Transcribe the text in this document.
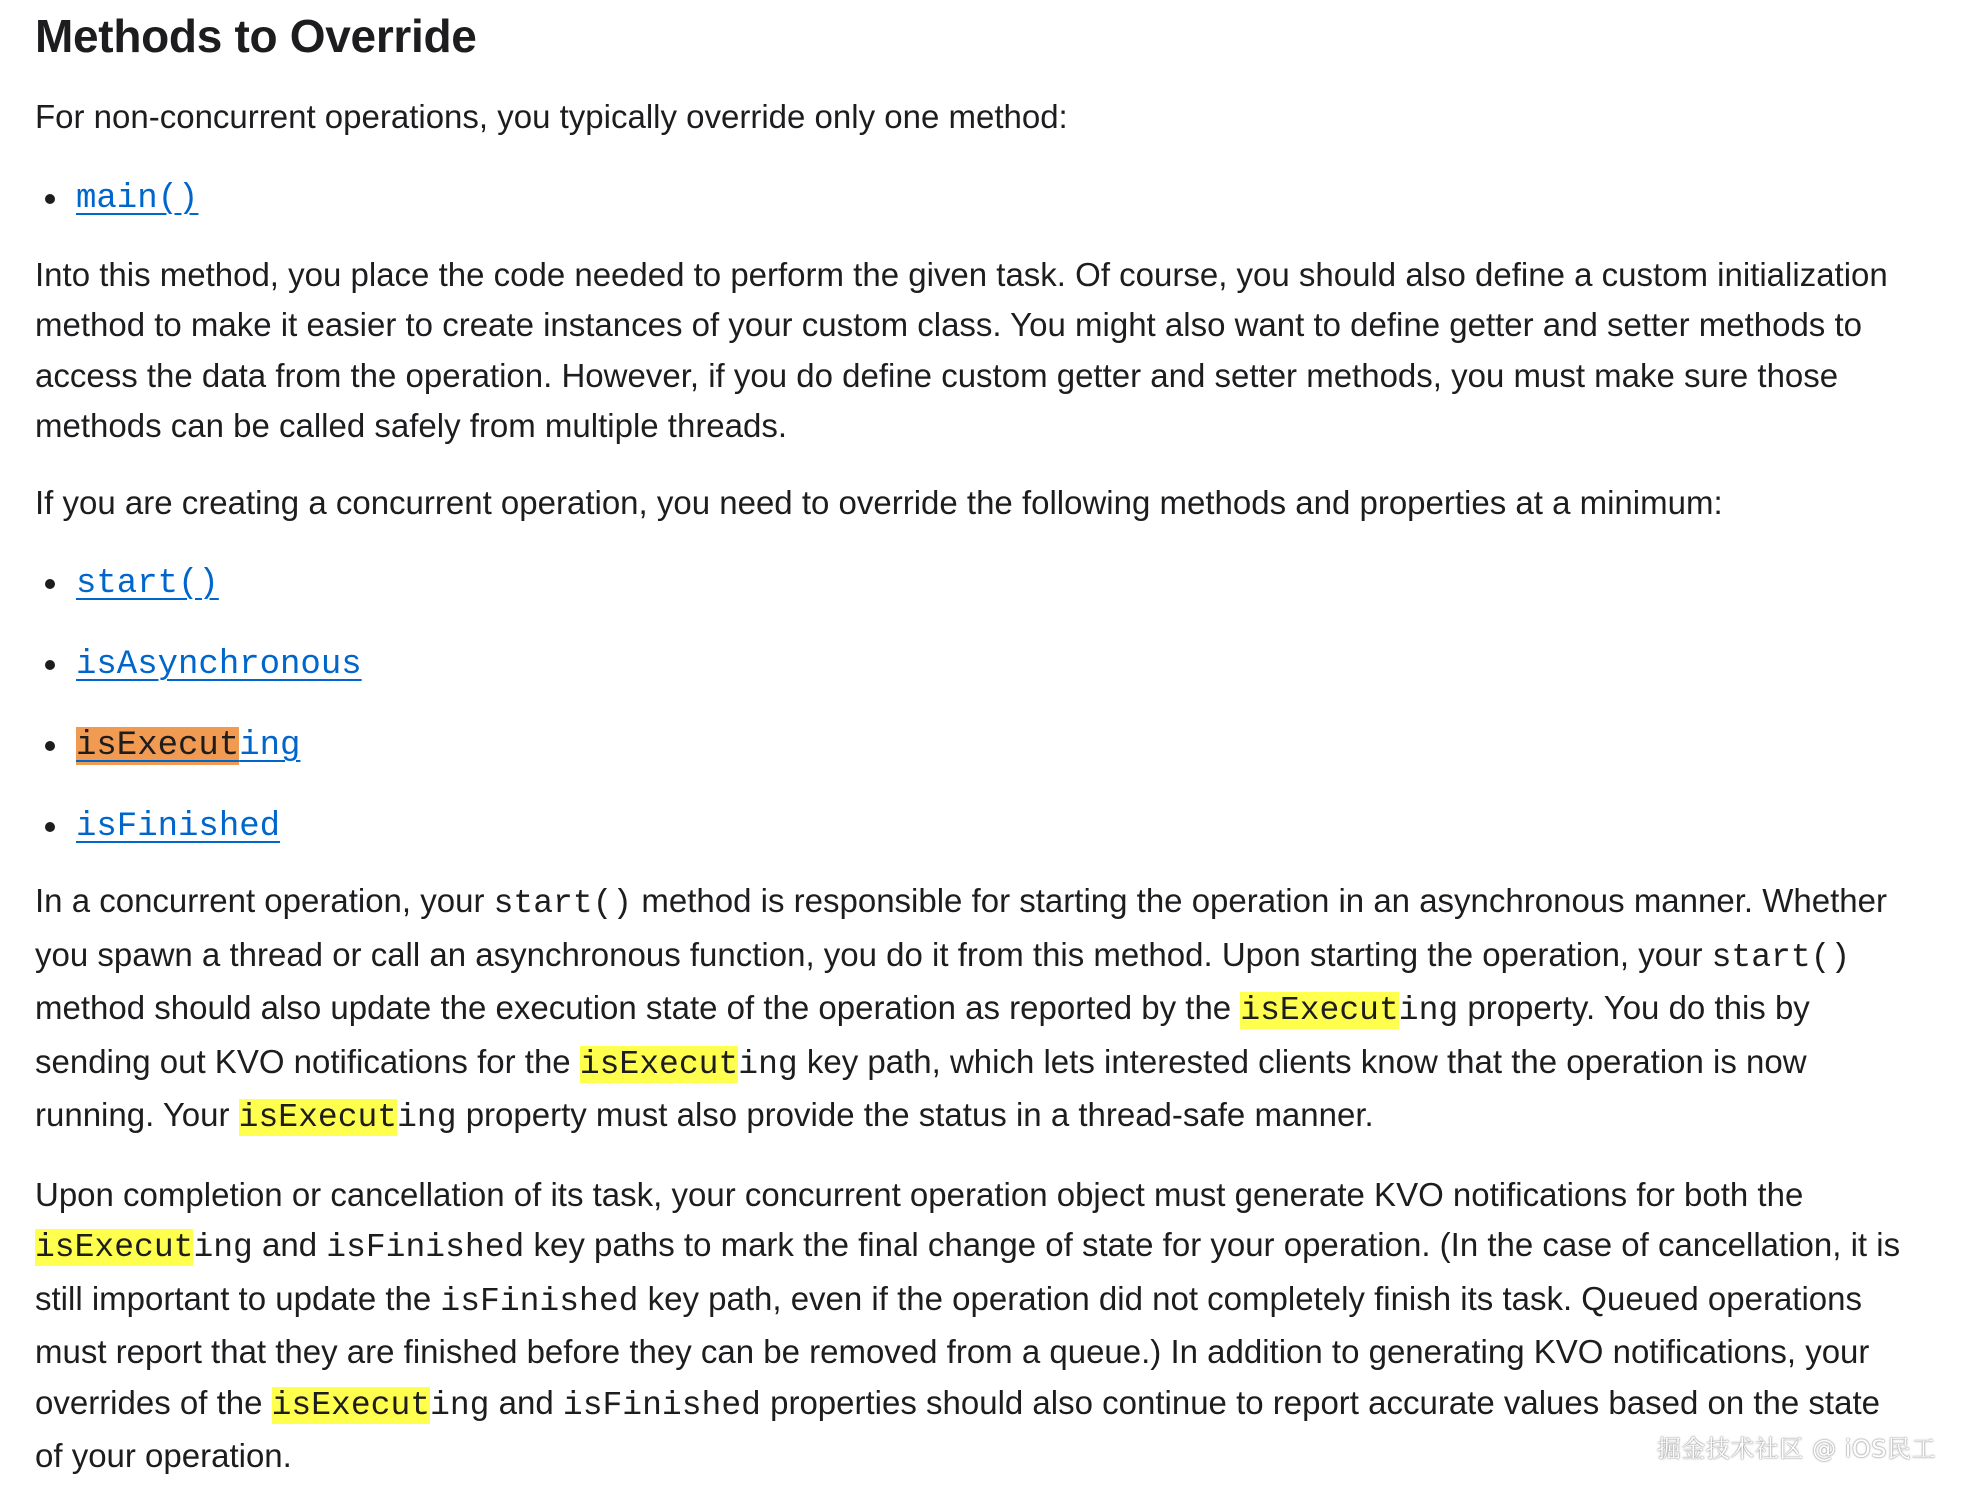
Methods to Override

For non-concurrent operations, you typically override only one method:

main()

Into this method, you place the code needed to perform the given task. Of course, you should also define a custom initialization method to make it easier to create instances of your custom class. You might also want to define getter and setter methods to access the data from the operation. However, if you do define custom getter and setter methods, you must make sure those methods can be called safely from multiple threads.

If you are creating a concurrent operation, you need to override the following methods and properties at a minimum:

start()
isAsynchronous
isExecuting
isFinished

In a concurrent operation, your start() method is responsible for starting the operation in an asynchronous manner. Whether you spawn a thread or call an asynchronous function, you do it from this method. Upon starting the operation, your start() method should also update the execution state of the operation as reported by the isExecuting property. You do this by sending out KVO notifications for the isExecuting key path, which lets interested clients know that the operation is now running. Your isExecuting property must also provide the status in a thread-safe manner.

Upon completion or cancellation of its task, your concurrent operation object must generate KVO notifications for both the isExecuting and isFinished key paths to mark the final change of state for your operation. (In the case of cancellation, it is still important to update the isFinished key path, even if the operation did not completely finish its task. Queued operations must report that they are finished before they can be removed from a queue.) In addition to generating KVO notifications, your overrides of the isExecuting and isFinished properties should also continue to report accurate values based on the state of your operation.	掘金技术社区 @ iOS民工
